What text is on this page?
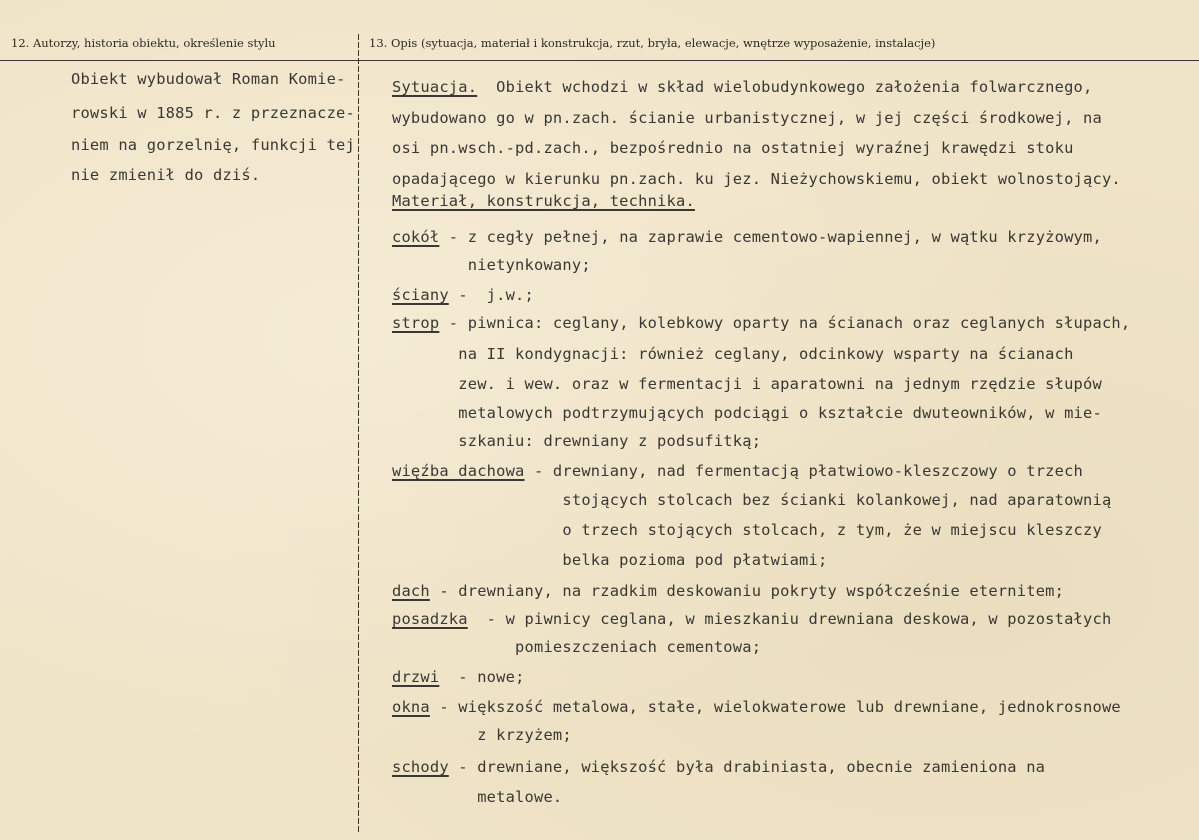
12. Autorzy, historia obiektu, określenie stylu	13. Opis (sytuacja, materiał i konstrukcja, rzut, bryła, elewacje, wnętrze wyposażenie, instalacje)
Obiekt wybudował Roman Komie-
rowski w 1885 r. z przeznacze-
niem na gorzelnię, funkcji tej
nie zmienił do dziś.
Sytuacja.  Obiekt wchodzi w skład wielobudynkowego założenia folwarcznego,
wybudowano go w pn.zach. ścianie urbanistycznej, w jej części środkowej, na
osi pn.wsch.-pd.zach., bezpośrednio na ostatniej wyraźnej krawędzi stoku
opadającego w kierunku pn.zach. ku jez. Nieżychowskiemu, obiekt wolnostojący.
Materiał, konstrukcja, technika.
cokół - z cegły pełnej, na zaprawie cementowo-wapiennej, w wątku krzyżowym,
nietynkowany;
ściany -  j.w.;
strop - piwnica: ceglany, kolebkowy oparty na ścianach oraz ceglanych słupach,
na II kondygnacji: również ceglany, odcinkowy wsparty na ścianach
zew. i wew. oraz w fermentacji i aparatowni na jednym rzędzie słupów
metalowych podtrzymujących podciągi o kształcie dwuteowników, w mie-
szkaniu: drewniany z podsufitką;
więźba dachowa - drewniany, nad fermentacją płatwiowo-kleszczowy o trzech
stojących stolcach bez ścianki kolankowej, nad aparatownią
o trzech stojących stolcach, z tym, że w miejscu kleszczy
belka pozioma pod płatwiami;
dach - drewniany, na rzadkim deskowaniu pokryty współcześnie eternitem;
posadzka  - w piwnicy ceglana, w mieszkaniu drewniana deskowa, w pozostałych
pomieszczeniach cementowa;
drzwi  - nowe;
okna - większość metalowa, stałe, wielokwaterowe lub drewniane, jednokrosnowe
z krzyżem;
schody - drewniane, większość była drabiniasta, obecnie zamieniona na
metalowe.
